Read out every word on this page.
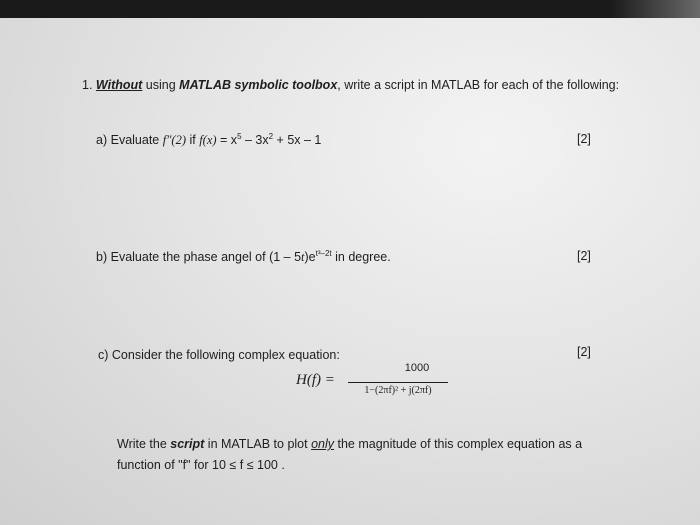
1. Without using MATLAB symbolic toolbox, write a script in MATLAB for each of the following:
a) Evaluate f″(2) if $f(x) = x^5 - 3x^2 + 5x - 1$	[2]
b) Evaluate the phase angel of $(1 - 5t)e^{t^3-2t}$ in degree.	[2]
c) Consider the following complex equation:	[2]
H(f) =
1000
1−(2πf)² + j(2πf)
Write the script in MATLAB to plot only the magnitude of this complex equation as a
function of "f" for 10 ≤ f ≤ 100 .
